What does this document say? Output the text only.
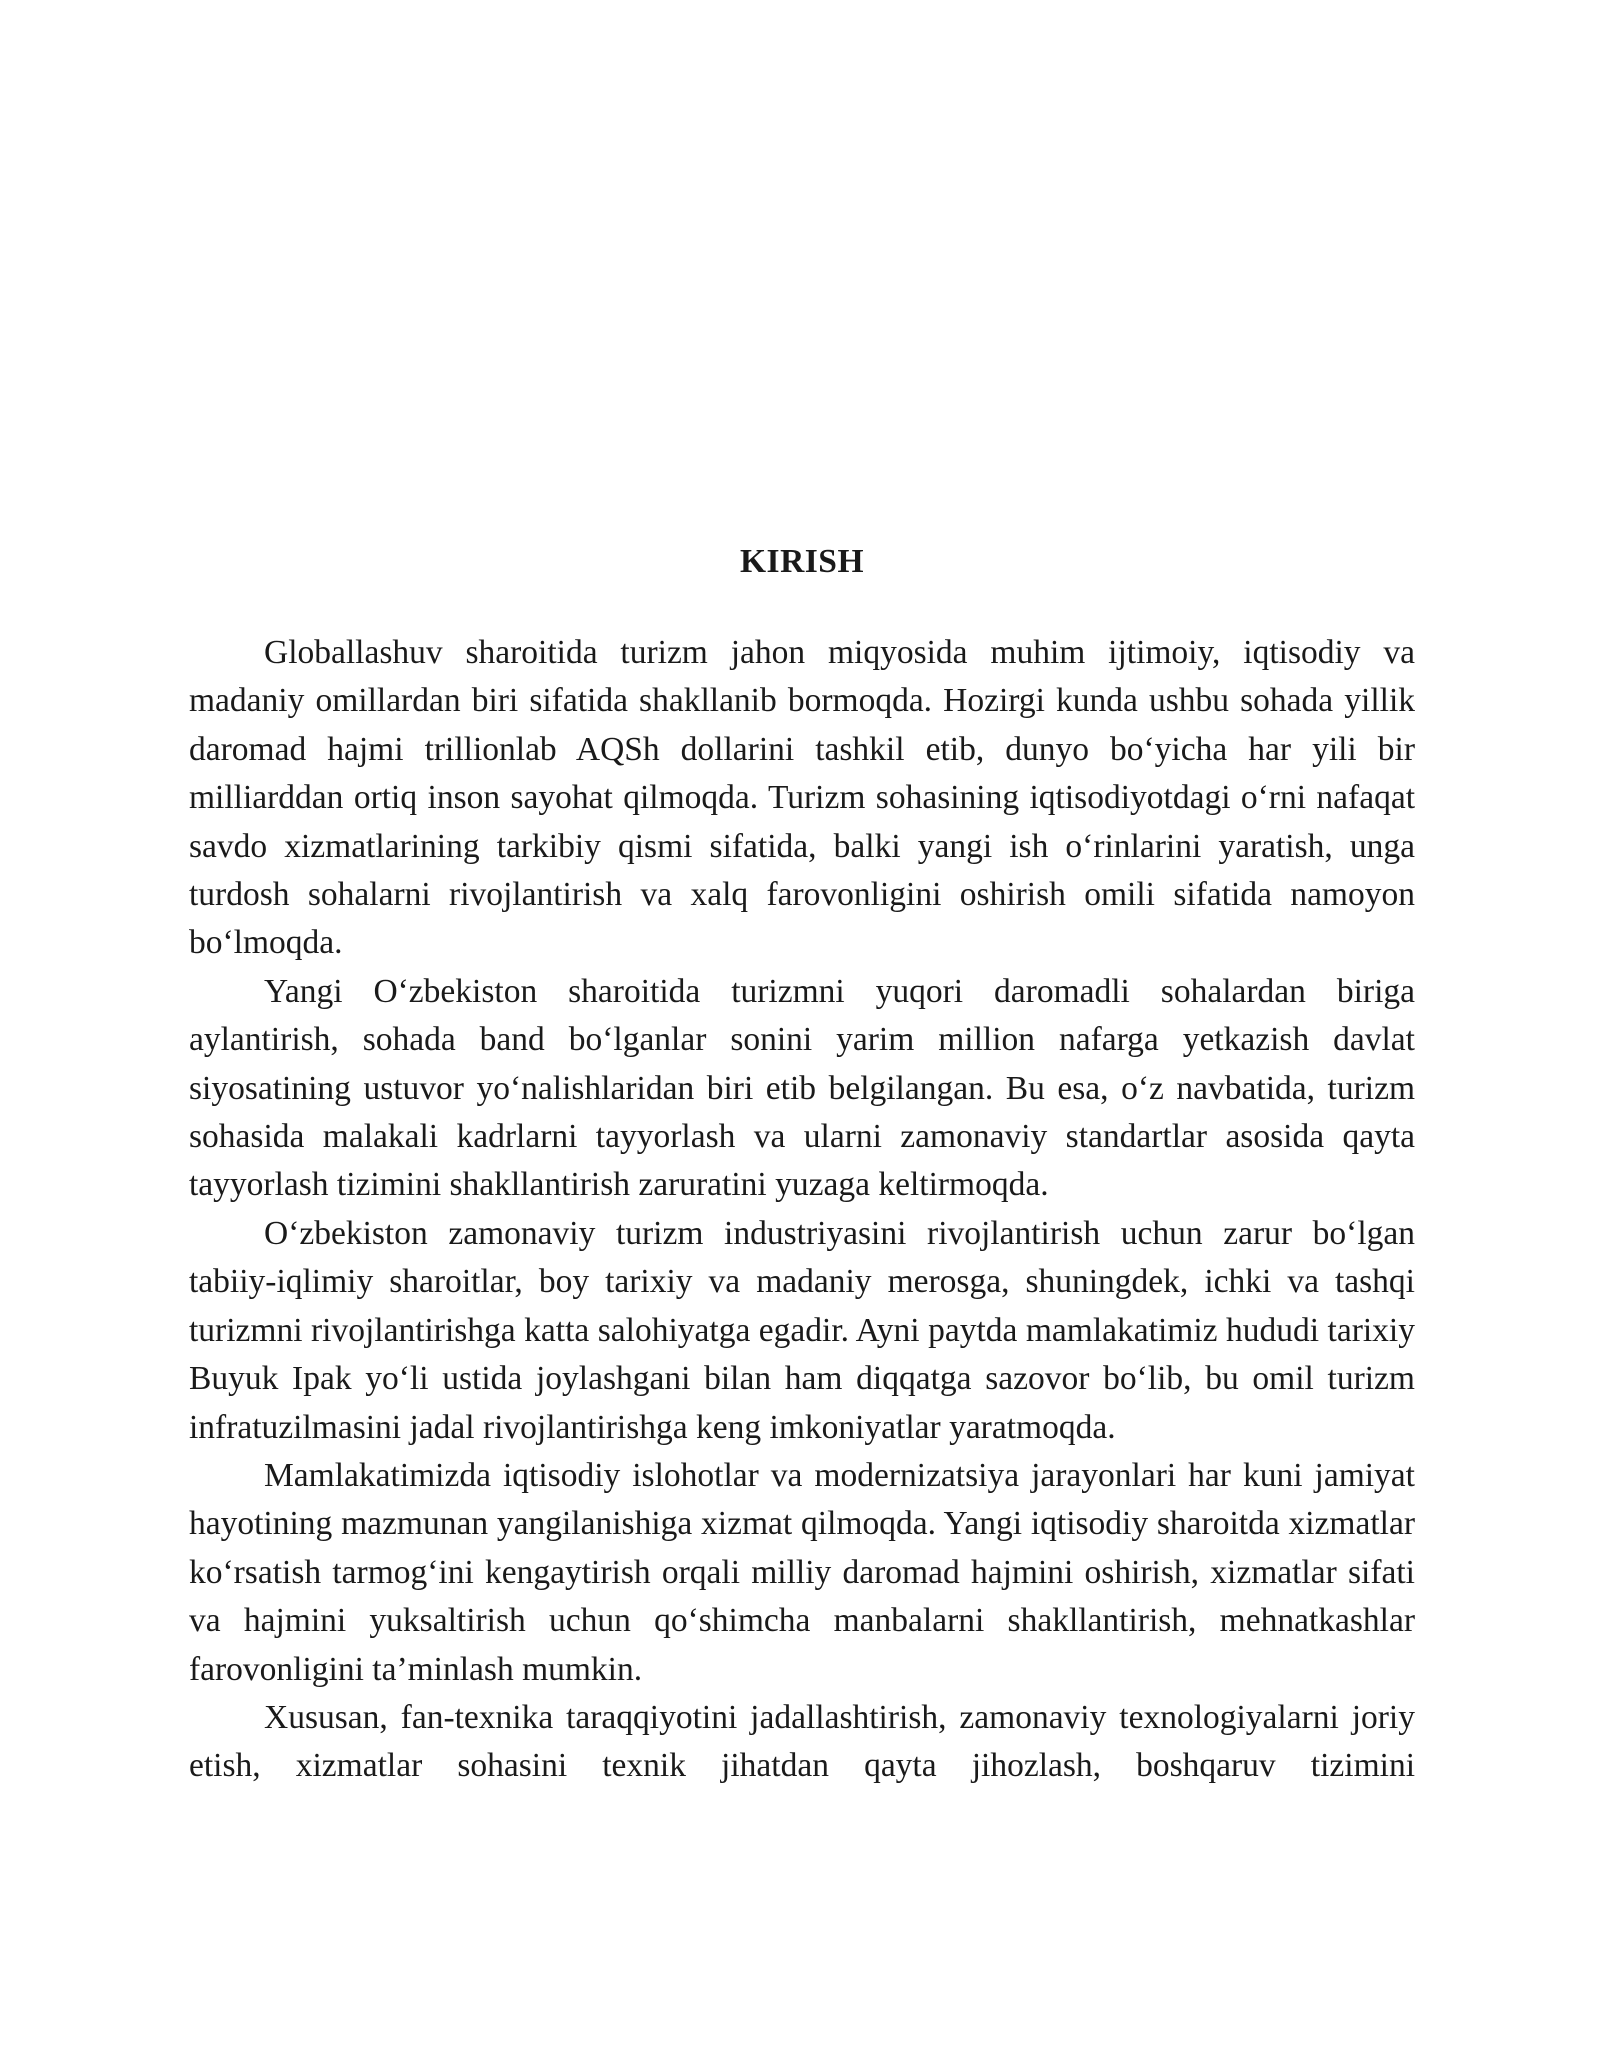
KIRISH

Globallashuv sharoitida turizm jahon miqyosida muhim ijtimoiy, iqtisodiy va madaniy omillardan biri sifatida shakllanib bormoqda. Hozirgi kunda ushbu sohada yillik daromad hajmi trillionlab AQSh dollarini tashkil etib, dunyo bo‘yicha har yili bir milliarddan ortiq inson sayohat qilmoqda. Turizm sohasining iqtisodiyotdagi o‘rni nafaqat savdo xizmatlarining tarkibiy qismi sifatida, balki yangi ish o‘rinlarini yaratish, unga turdosh sohalarni rivojlantirish va xalq farovonligini oshirish omili sifatida namoyon bo‘lmoqda.

Yangi O‘zbekiston sharoitida turizmni yuqori daromadli sohalardan biriga aylantirish, sohada band bo‘lganlar sonini yarim million nafarga yetkazish davlat siyosatining ustuvor yo‘nalishlaridan biri etib belgilangan. Bu esa, o‘z navbatida, turizm sohasida malakali kadrlarni tayyorlash va ularni zamonaviy standartlar asosida qayta tayyorlash tizimini shakllantirish zaruratini yuzaga keltirmoqda.

O‘zbekiston zamonaviy turizm industriyasini rivojlantirish uchun zarur bo‘lgan tabiiy-iqlimiy sharoitlar, boy tarixiy va madaniy merosga, shuningdek, ichki va tashqi turizmni rivojlantirishga katta salohiyatga egadir. Ayni paytda mamlakatimiz hududi tarixiy Buyuk Ipak yo‘li ustida joylashgani bilan ham diqqatga sazovor bo‘lib, bu omil turizm infratuzilmasini jadal rivojlantirishga keng imkoniyatlar yaratmoqda.

Mamlakatimizda iqtisodiy islohotlar va modernizatsiya jarayonlari har kuni jamiyat hayotining mazmunan yangilanishiga xizmat qilmoqda. Yangi iqtisodiy sharoitda xizmatlar ko‘rsatish tarmog‘ini kengaytirish orqali milliy daromad hajmini oshirish, xizmatlar sifati va hajmini yuksaltirish uchun qo‘shimcha manbalarni shakllantirish, mehnatkashlar farovonligini ta’minlash mumkin.

Xususan, fan-texnika taraqqiyotini jadallashtirish, zamonaviy texnologiyalarni joriy etish, xizmatlar sohasini texnik jihatdan qayta jihozlash, boshqaruv tizimini
